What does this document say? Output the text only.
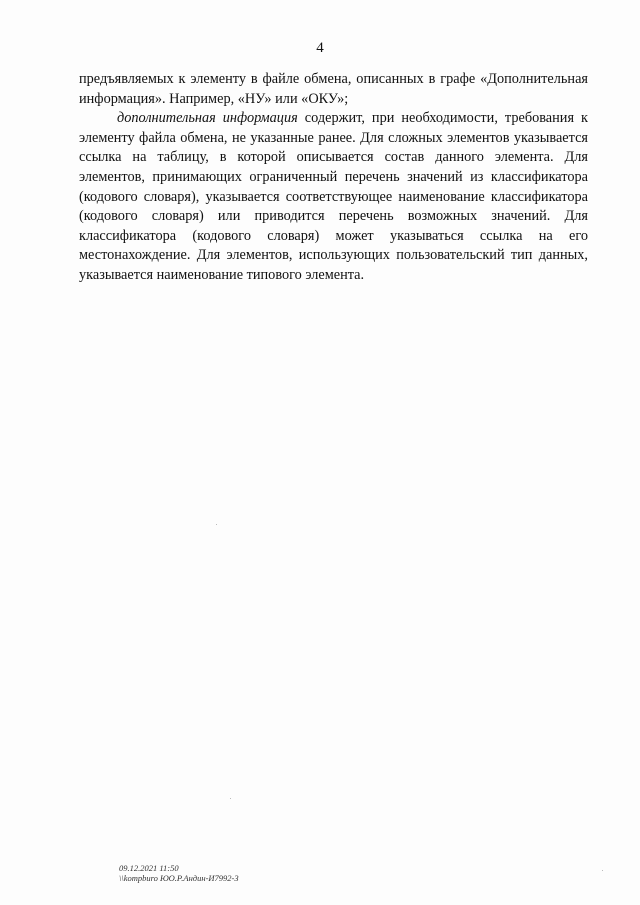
4

предъявляемых к элементу в файле обмена, описанных в графе «Дополнительная информация». Например, «НУ» или «ОКУ»;

дополнительная информация содержит, при необходимости, требования к элементу файла обмена, не указанные ранее. Для сложных элементов указывается ссылка на таблицу, в которой описывается состав данного элемента. Для элементов, принимающих ограниченный перечень значений из классификатора (кодового словаря), указывается соответствующее наименование классификатора (кодового словаря) или приводится перечень возможных значений. Для классификатора (кодового словаря) может указываться ссылка на его местонахождение. Для элементов, использующих пользовательский тип данных, указывается наименование типового элемента.

09.12.2021 11:50
\\kompburo ЮО.Р.Андин-И7992-3
